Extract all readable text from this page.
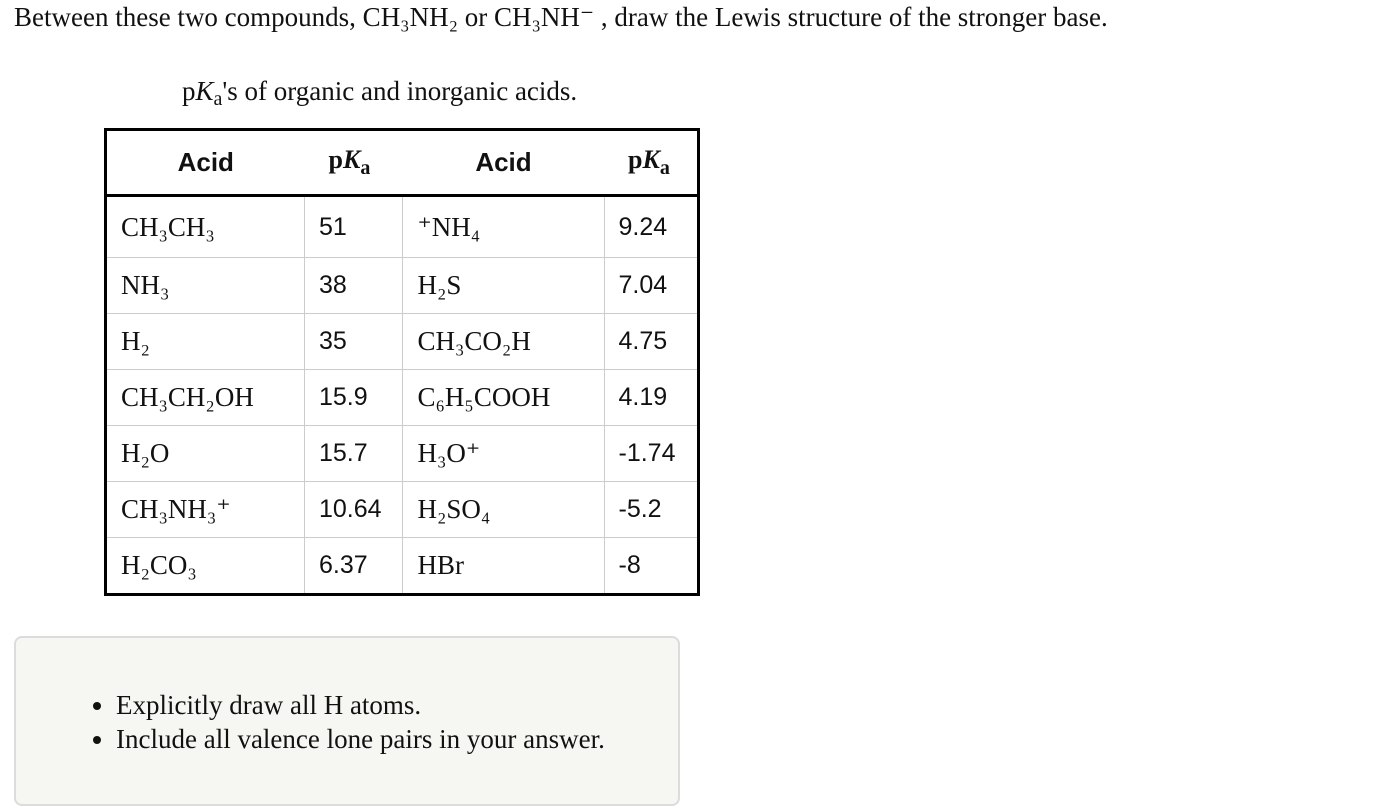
Between these two compounds, CH₃NH₂ or CH₃NH⁻ , draw the Lewis structure of the stronger base.
$pK_a's$ of organic and inorganic acids.
Acid	$pK_a$	Acid	$pK_a$
CH₃CH₃	51	⁺NH₄	9.24
NH₃	38	H₂S	7.04
H₂	35	CH₃CO₂H	4.75
CH₃CH₂OH	15.9	C₆H₅COOH	4.19
H₂O	15.7	H₃O⁺	-1.74
CH₃NH₃⁺	10.64	H₂SO₄	-5.2
H₂CO₃	6.37	HBr	-8
• Explicitly draw all H atoms.
• Include all valence lone pairs in your answer.
